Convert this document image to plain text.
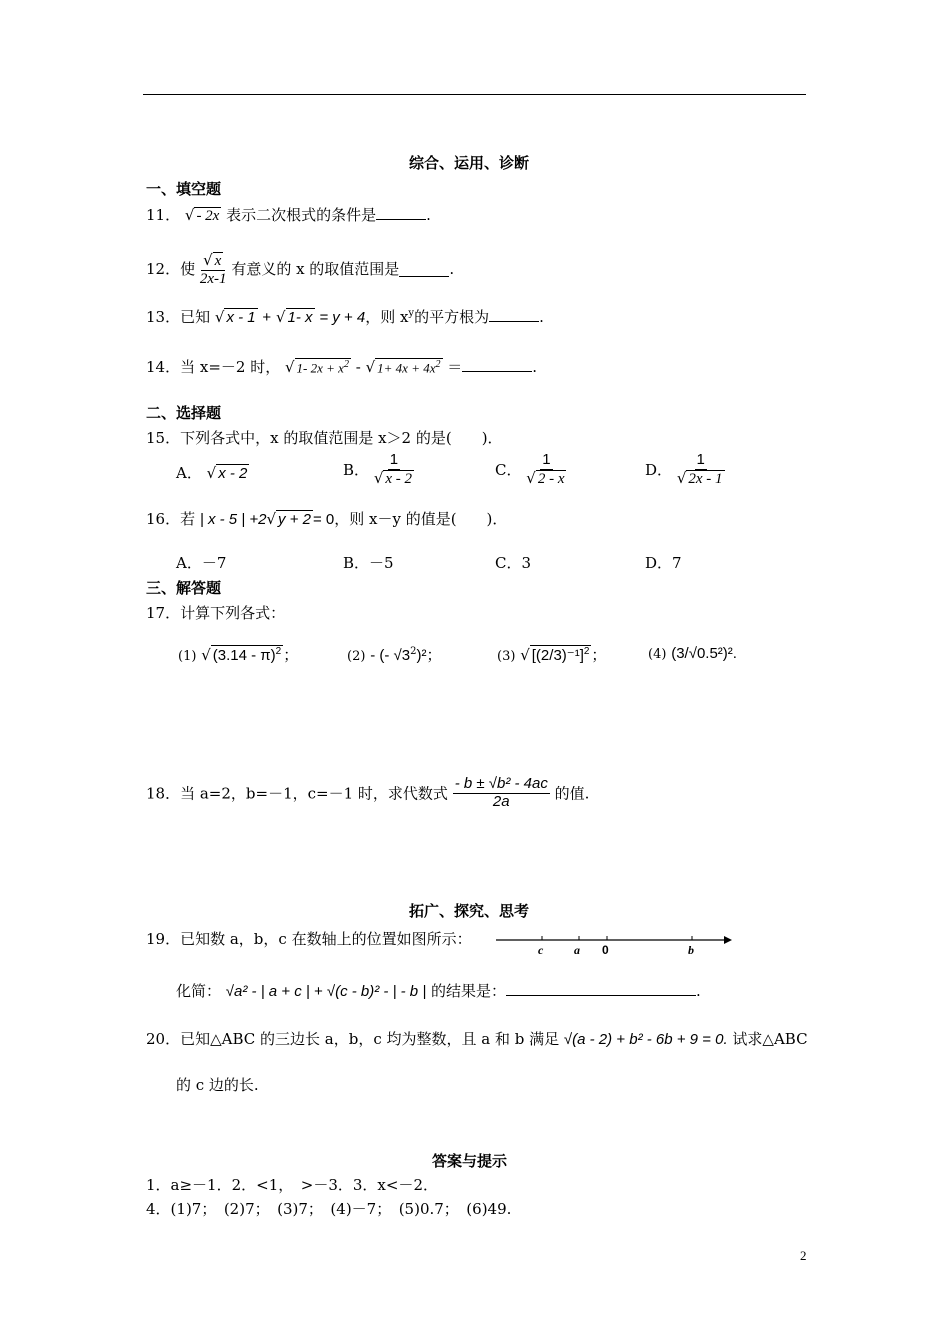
综合、运用、诊断
一、填空题
11． √ - 2x 表示二次根式的条件是	.
12．使 $\frac{√ x}{2x-1}$ 有意义的 x 的取值范围是	.
13．已知 √ x - 1 + √ 1- x = y + 4，则 $x^y$的平方根为	.
14．当 x=－2 时， √ 1- $2x + x^2$ - √ $1+ 4x + 4x^2$ ＝	.
二、选择题
15．下列各式中，x 的取值范围是 x＞2 的是(　　)．
A． √ x - 2	B． $\frac{1}{√ x - 2}$	C． $\frac{1}{√ 2 - x}$	D． $\frac{1}{√ 2x - 1}$
16．若 | x - 5 | +2√ y + 2 = 0，则 x－y 的值是(　　)．
A．－7	B．－5	C．3	D．7
三、解答题
17．计算下列各式：
(1) √ (3.14 - π)$^2$ ；	(2) - (- $√3^2)^2$；	(3) √ $[(2/3)^{-1}]^2$ ；	(4) (3/√0.5²)².
18．当 a=2，b=－1，c=－1 时，求代数式 $\frac{\text{- b ± √b² - 4ac}}{2a}$ 的值.
拓广、探究、思考
19．已知数 a，b，c 在数轴上的位置如图所示：
c	a 0	b
化简： √a² - | a + c | + √(c - b)² - | - b | 的结果是：	.
20．已知△ABC 的三边长 a，b，c 均为整数，且 a 和 b 满足 √(a - 2) + b² - 6b + 9 = 0. 试求△ABC
的 c 边的长.
答案与提示
1．a≥－1．2．<1，　>－3．3．x<－2．
4．(1)7；　(2)7；　(3)7；　(4)－7；　(5)0.7；　(6)49.
2
